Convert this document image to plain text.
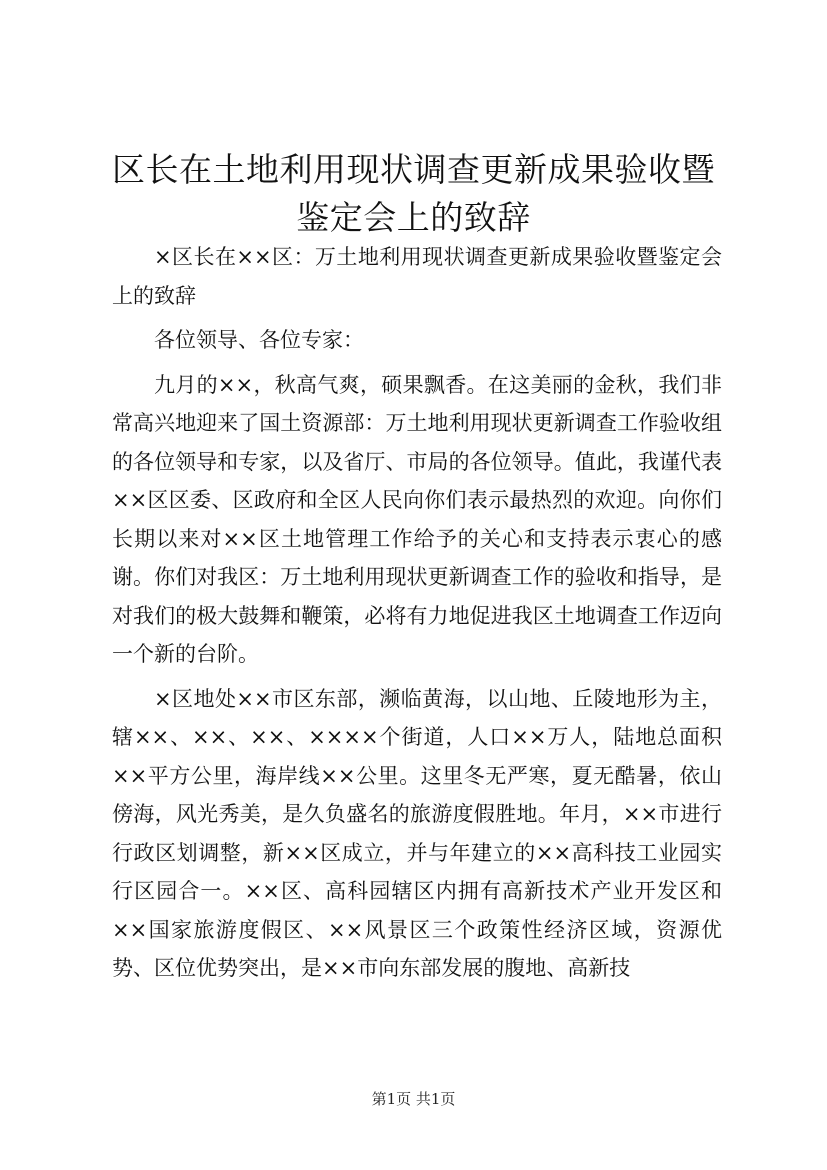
区长在土地利用现状调查更新成果验收暨鉴定会上的致辞

×区长在××区：万土地利用现状调查更新成果验收暨鉴定会上的致辞

各位领导、各位专家：

九月的××，秋高气爽，硕果飘香。在这美丽的金秋，我们非常高兴地迎来了国土资源部：万土地利用现状更新调查工作验收组的各位领导和专家，以及省厅、市局的各位领导。值此，我谨代表××区区委、区政府和全区人民向你们表示最热烈的欢迎。向你们长期以来对××区土地管理工作给予的关心和支持表示衷心的感谢。你们对我区：万土地利用现状更新调查工作的验收和指导，是对我们的极大鼓舞和鞭策，必将有力地促进我区土地调查工作迈向一个新的台阶。

×区地处××市区东部，濒临黄海，以山地、丘陵地形为主，辖××、××、××、××××个街道，人口××万人，陆地总面积××平方公里，海岸线××公里。这里冬无严寒，夏无酷暑，依山傍海，风光秀美，是久负盛名的旅游度假胜地。年月，××市进行行政区划调整，新××区成立，并与年建立的××高科技工业园实行区园合一。××区、高科园辖区内拥有高新技术产业开发区和××国家旅游度假区、××风景区三个政策性经济区域，资源优势、区位优势突出，是××市向东部发展的腹地、高新技

第1页 共1页
